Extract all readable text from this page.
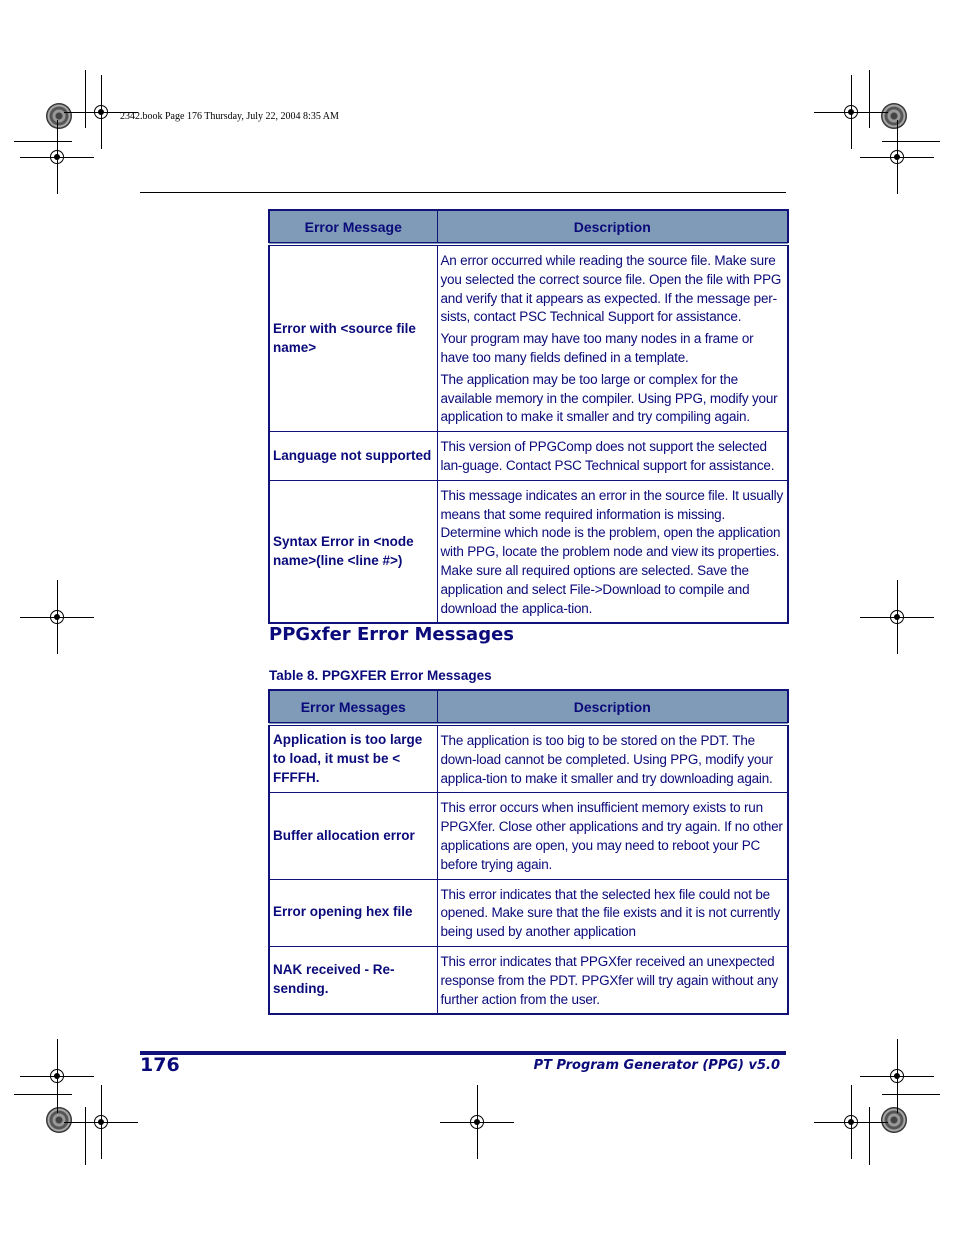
2342.book Page 176 Thursday, July 22, 2004 8:35 AM
Error Message	Description
Error with <source file name>	An error occurred while reading the source file. Make sure you selected the correct source file. Open the file with PPG and verify that it appears as expected. If the message per-sists, contact PSC Technical Support for assistance.

Your program may have too many nodes in a frame or have too many fields defined in a template.

The application may be too large or complex for the available memory in the compiler. Using PPG, modify your application to make it smaller and try compiling again.

Language not supported	This version of PPGComp does not support the selected lan-guage. Contact PSC Technical support for assistance.

Syntax Error in <node name>(line <line #>)	This message indicates an error in the source file. It usually means that some required information is missing. Determine which node is the problem, open the application with PPG, locate the problem node and view its properties. Make sure all required options are selected. Save the application and select File->Download to compile and download the applica-tion.

PPGxfer Error Messages
Table 8. PPGXFER Error Messages
Error Messages	Description
Application is too large to load, it must be < FFFFH.	The application is too big to be stored on the PDT. The down-load cannot be completed. Using PPG, modify your applica-tion to make it smaller and try downloading again.

Buffer allocation error	This error occurs when insufficient memory exists to run PPGXfer. Close other applications and try again. If no other applications are open, you may need to reboot your PC before trying again.

Error opening hex file	This error indicates that the selected hex file could not be opened. Make sure that the file exists and it is not currently being used by another application

NAK received - Re-sending.	This error indicates that PPGXfer received an unexpected response from the PDT. PPGXfer will try again without any further action from the user.

176	PT Program Generator (PPG) v5.0
